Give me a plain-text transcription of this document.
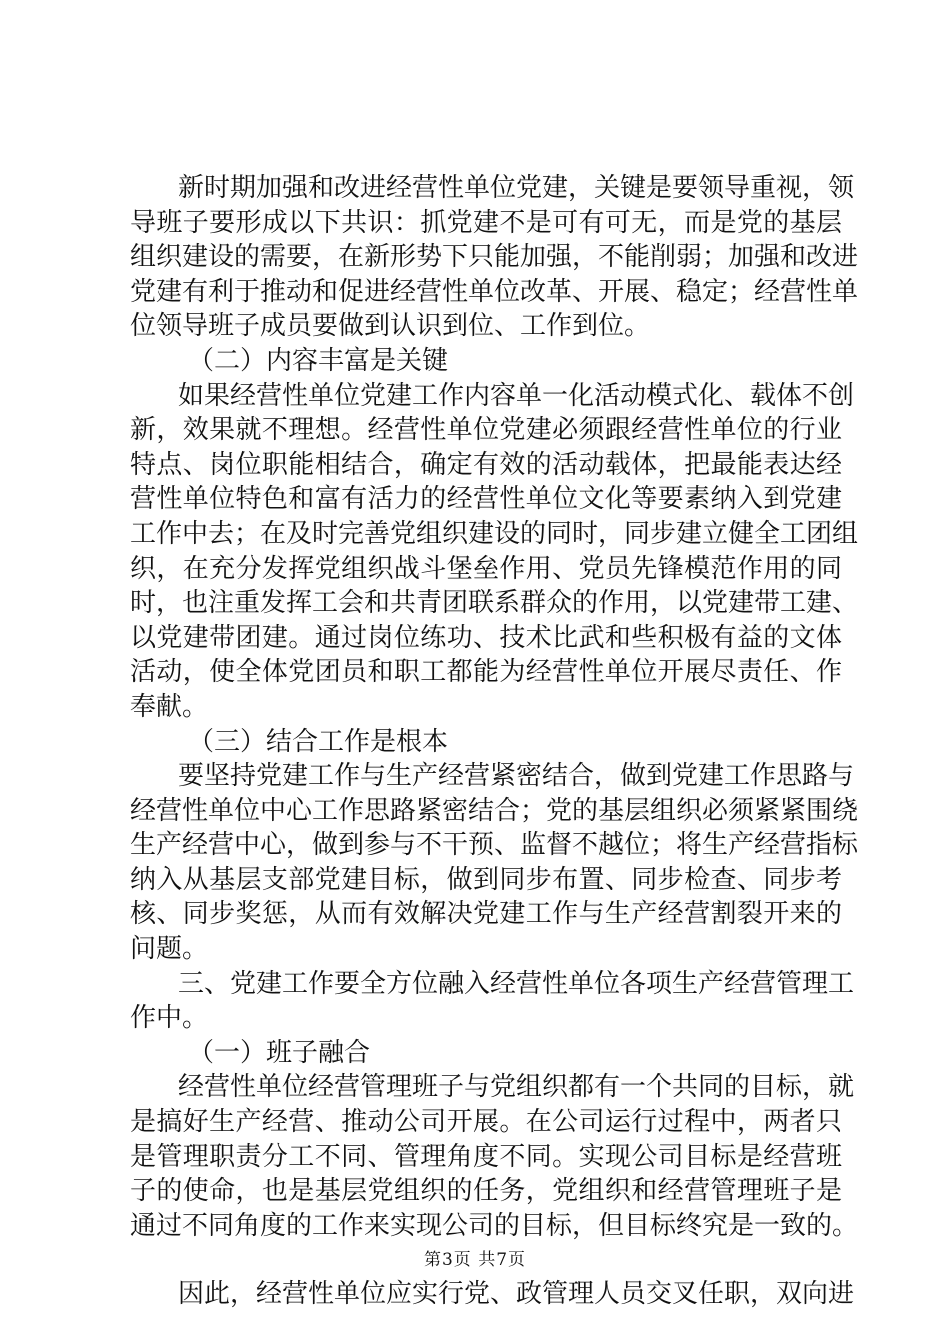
新时期加强和改进经营性单位党建，关键是要领导重视，领
导班子要形成以下共识：抓党建不是可有可无，而是党的基层
组织建设的需要，在新形势下只能加强，不能削弱；加强和改进
党建有利于推动和促进经营性单位改革、开展、稳定；经营性单
位领导班子成员要做到认识到位、工作到位。
（二）内容丰富是关键
如果经营性单位党建工作内容单一化活动模式化、载体不创
新，效果就不理想。经营性单位党建必须跟经营性单位的行业
特点、岗位职能相结合，确定有效的活动载体，把最能表达经
营性单位特色和富有活力的经营性单位文化等要素纳入到党建
工作中去；在及时完善党组织建设的同时，同步建立健全工团组
织，在充分发挥党组织战斗堡垒作用、党员先锋模范作用的同
时，也注重发挥工会和共青团联系群众的作用，以党建带工建、
以党建带团建。通过岗位练功、技术比武和些积极有益的文体
活动，使全体党团员和职工都能为经营性单位开展尽责任、作
奉献。
（三）结合工作是根本
要坚持党建工作与生产经营紧密结合，做到党建工作思路与
经营性单位中心工作思路紧密结合；党的基层组织必须紧紧围绕
生产经营中心，做到参与不干预、监督不越位；将生产经营指标
纳入从基层支部党建目标，做到同步布置、同步检查、同步考
核、同步奖惩，从而有效解决党建工作与生产经营割裂开来的
问题。
三、党建工作要全方位融入经营性单位各项生产经营管理工
作中。
（一）班子融合
经营性单位经营管理班子与党组织都有一个共同的目标，就
是搞好生产经营、推动公司开展。在公司运行过程中，两者只
是管理职责分工不同、管理角度不同。实现公司目标是经营班
子的使命，也是基层党组织的任务，党组织和经营管理班子是
通过不同角度的工作来实现公司的目标，但目标终究是一致的。
因此，经营性单位应实行党、政管理人员交叉任职，双向进
第3页 共7页
